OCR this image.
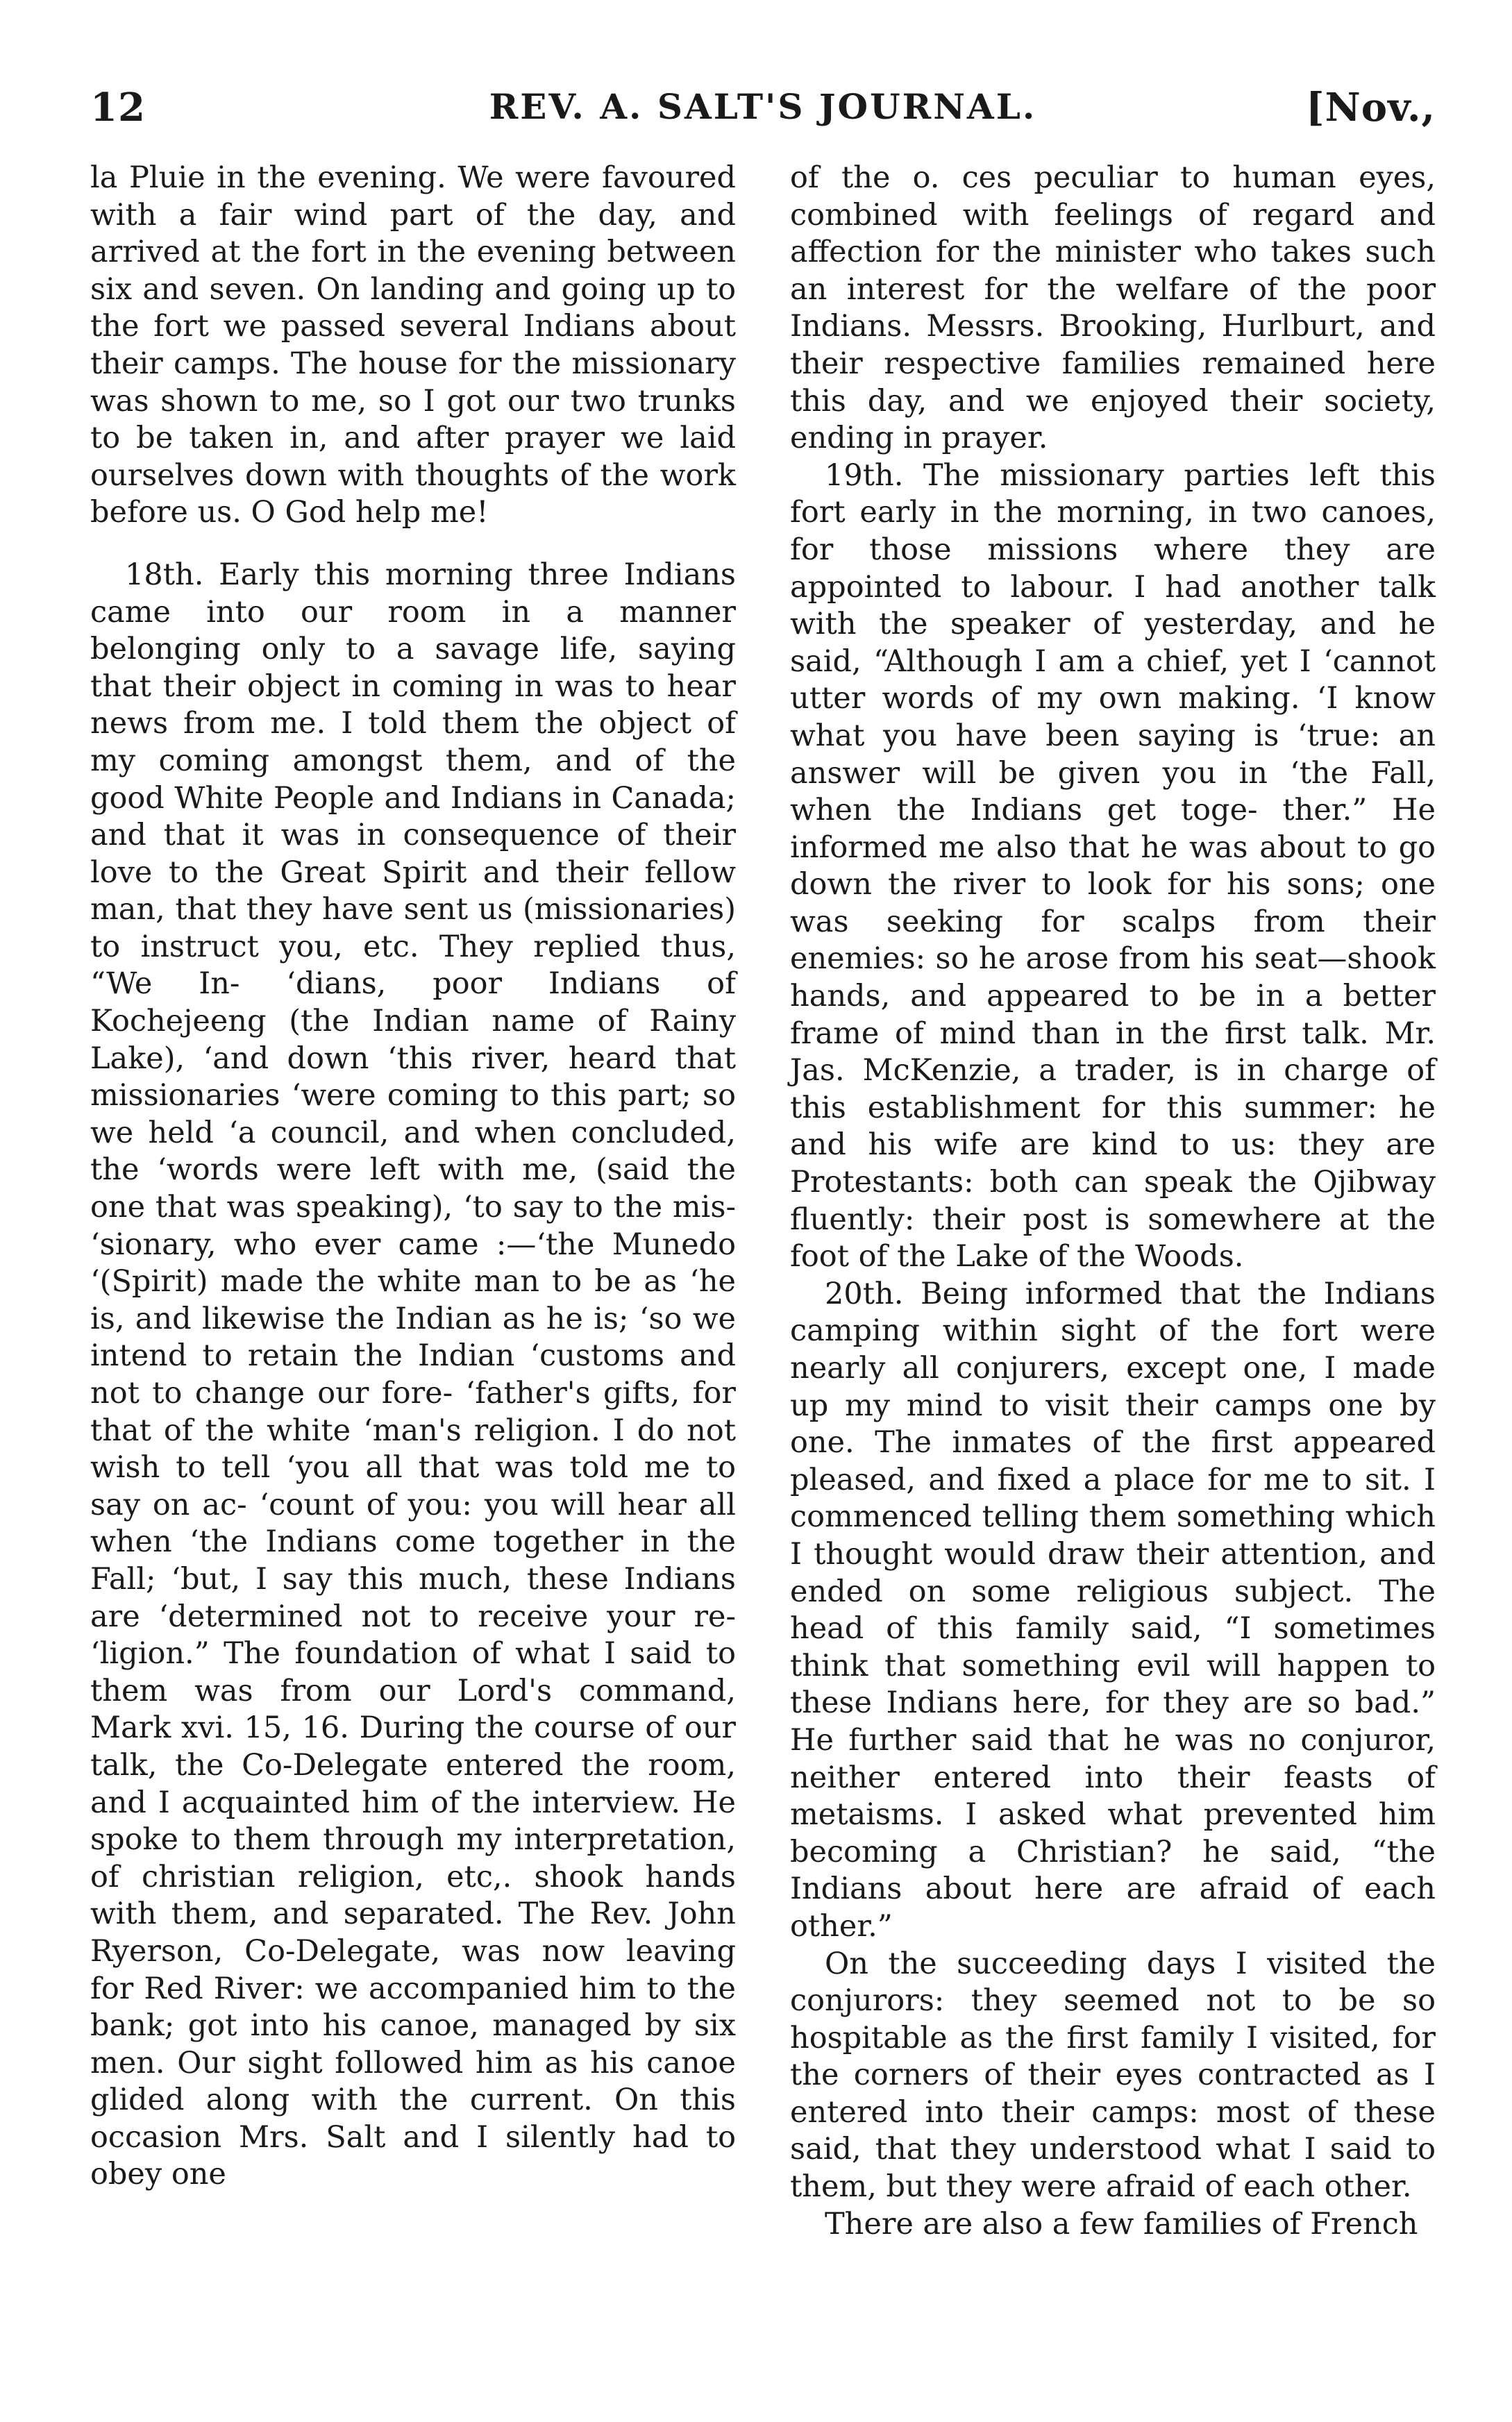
12	REV. A. SALT'S JOURNAL.	[Nov.,

la Pluie in the evening. We were favoured with a fair wind part of the day, and arrived at the fort in the evening between six and seven. On landing and going up to the fort we passed several Indians about their camps. The house for the missionary was shown to me, so I got our two trunks to be taken in, and after prayer we laid ourselves down with thoughts of the work before us. O God help me!

18th. Early this morning three Indians came into our room in a manner belonging only to a savage life, saying that their object in coming in was to hear news from me. I told them the object of my coming amongst them, and of the good White People and Indians in Canada; and that it was in consequence of their love to the Great Spirit and their fellow man, that they have sent us (missionaries) to instruct you, etc. They replied thus, “We In‑ ‘dians, poor Indians of Kochejeeng (the Indian name of Rainy Lake), ‘and down ‘this river, heard that missionaries ‘were coming to this part; so we held ‘a council, and when concluded, the ‘words were left with me, (said the one that was speaking), ‘to say to the mis‑ ‘sionary, who ever came :—‘the Munedo ‘(Spirit) made the white man to be as ‘he is, and likewise the Indian as he is; ‘so we intend to retain the Indian ‘customs and not to change our fore‑ ‘father's gifts, for that of the white ‘man's religion. I do not wish to tell ‘you all that was told me to say on ac‑ ‘count of you: you will hear all when ‘the Indians come together in the Fall; ‘but, I say this much, these Indians are ‘determined not to receive your re‑ ‘ligion.” The foundation of what I said to them was from our Lord's command, Mark xvi. 15, 16. During the course of our talk, the Co-Delegate entered the room, and I acquainted him of the interview. He spoke to them through my interpretation, of christian religion, etc,. shook hands with them, and separated. The Rev. John Ryerson, Co-Delegate, was now leaving for Red River: we accompanied him to the bank; got into his canoe, managed by six men. Our sight followed him as his canoe glided along with the current. On this occasion Mrs. Salt and I silently had to obey one

of the o. ces peculiar to human eyes, combined with feelings of regard and affection for the minister who takes such an interest for the welfare of the poor Indians. Messrs. Brooking, Hurlburt, and their respective families remained here this day, and we enjoyed their society, ending in prayer.

19th. The missionary parties left this fort early in the morning, in two canoes, for those missions where they are appointed to labour. I had another talk with the speaker of yesterday, and he said, “Although I am a chief, yet I ‘cannot utter words of my own making. ‘I know what you have been saying is ‘true: an answer will be given you in ‘the Fall, when the Indians get toge‑ ther.” He informed me also that he was about to go down the river to look for his sons; one was seeking for scalps from their enemies: so he arose from his seat—shook hands, and appeared to be in a better frame of mind than in the first talk. Mr. Jas. McKenzie, a trader, is in charge of this establishment for this summer: he and his wife are kind to us: they are Protestants: both can speak the Ojibway fluently: their post is somewhere at the foot of the Lake of the Woods.

20th. Being informed that the Indians camping within sight of the fort were nearly all conjurers, except one, I made up my mind to visit their camps one by one. The inmates of the first appeared pleased, and fixed a place for me to sit. I commenced telling them something which I thought would draw their attention, and ended on some religious subject. The head of this family said, “I sometimes think that something evil will happen to these Indians here, for they are so bad.” He further said that he was no conjuror, neither entered into their feasts of metaisms. I asked what prevented him becoming a Christian? he said, “the Indians about here are afraid of each other.”

On the succeeding days I visited the conjurors: they seemed not to be so hospitable as the first family I visited, for the corners of their eyes contracted as I entered into their camps: most of these said, that they understood what I said to them, but they were afraid of each other.

There are also a few families of French
